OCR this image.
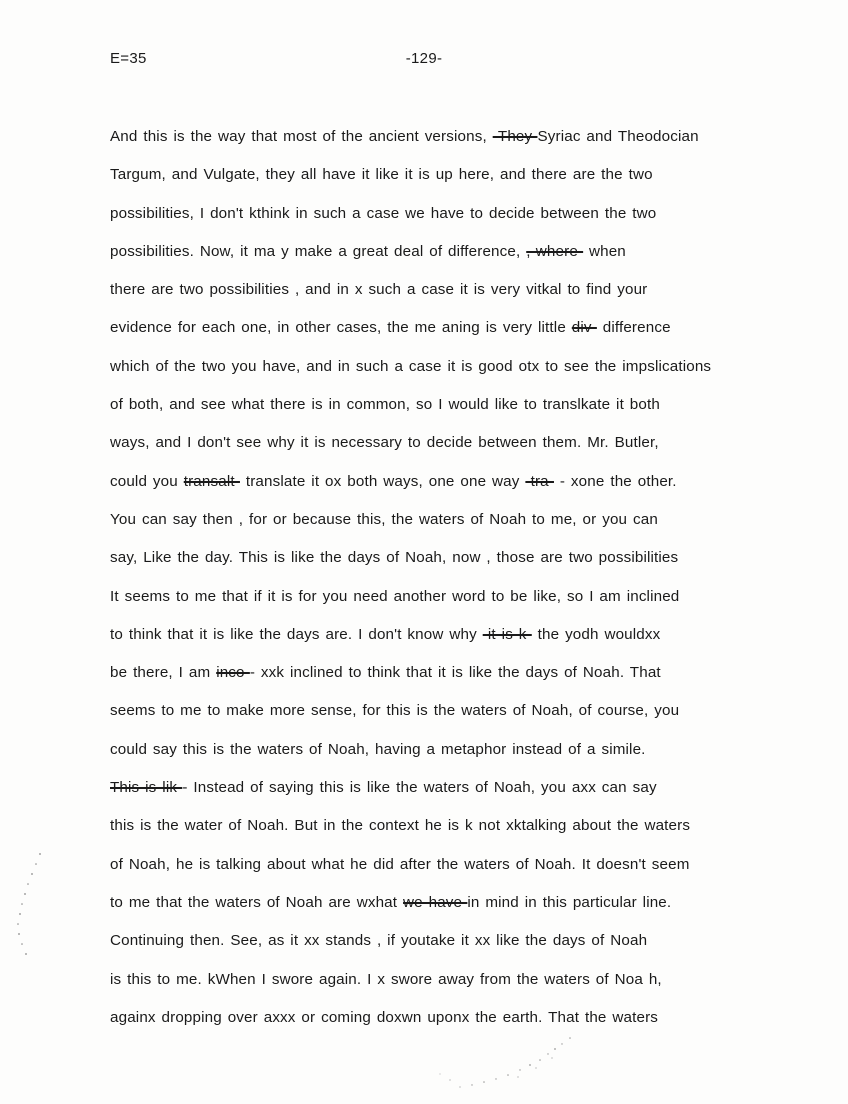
E=35	-129-
And this is the way that most of the ancient versions, -They-Syriac and Theodocian
Targum, and Vulgate, they all have it like it is up here, and there are the two
possibilities, I don't kthink in such a case we have to decide between the two
possibilities. Now, it ma y make a great deal of difference, ,-where- when
there are two possibilities , and in x such a case it is very vitkal to find your
evidence for each one, in other cases, the me aning is very little div- difference
which of the two you have, and in such a case it is good otx to see the impslications
of both, and see what there is in common, so I would like to translkate it both
ways, and I don't see why it is necessary to decide between them. Mr. Butler,
could you transalt- translate it ox both ways, one one way -tra- - xone the other.
You can say then , for or because this, the waters of Noah to me, or you can
say, Like the day. This is like the days of Noah, now , those are two possibilities
It seems to me that if it is for you need another word to be like, so I am inclined
to think that it is like the days are. I don't know why -it is k- the yodh wouldxx
be there, I am inco-- xxk inclined to think that it is like the days of Noah. That
seems to me to make more sense, for this is the waters of Noah, of course, you
could say this is the waters of Noah, having a metaphor instead of a simile.
This is lik-- Instead of saying this is like the waters of Noah, you axx can say
this is the water of Noah. But in the context he is k not xktalking about the waters
of Noah, he is talking about what he did after the waters of Noah. It doesn't seem
to me that the waters of Noah are wxhat we have-in mind in this particular line.
Continuing then. See, as it xx stands , if youtake it xx like the days of Noah
is this to me. kWhen I swore again. I x swore away from the waters of Noa h,
againx dropping over axxx or coming doxwn uponx the earth. That the waters
